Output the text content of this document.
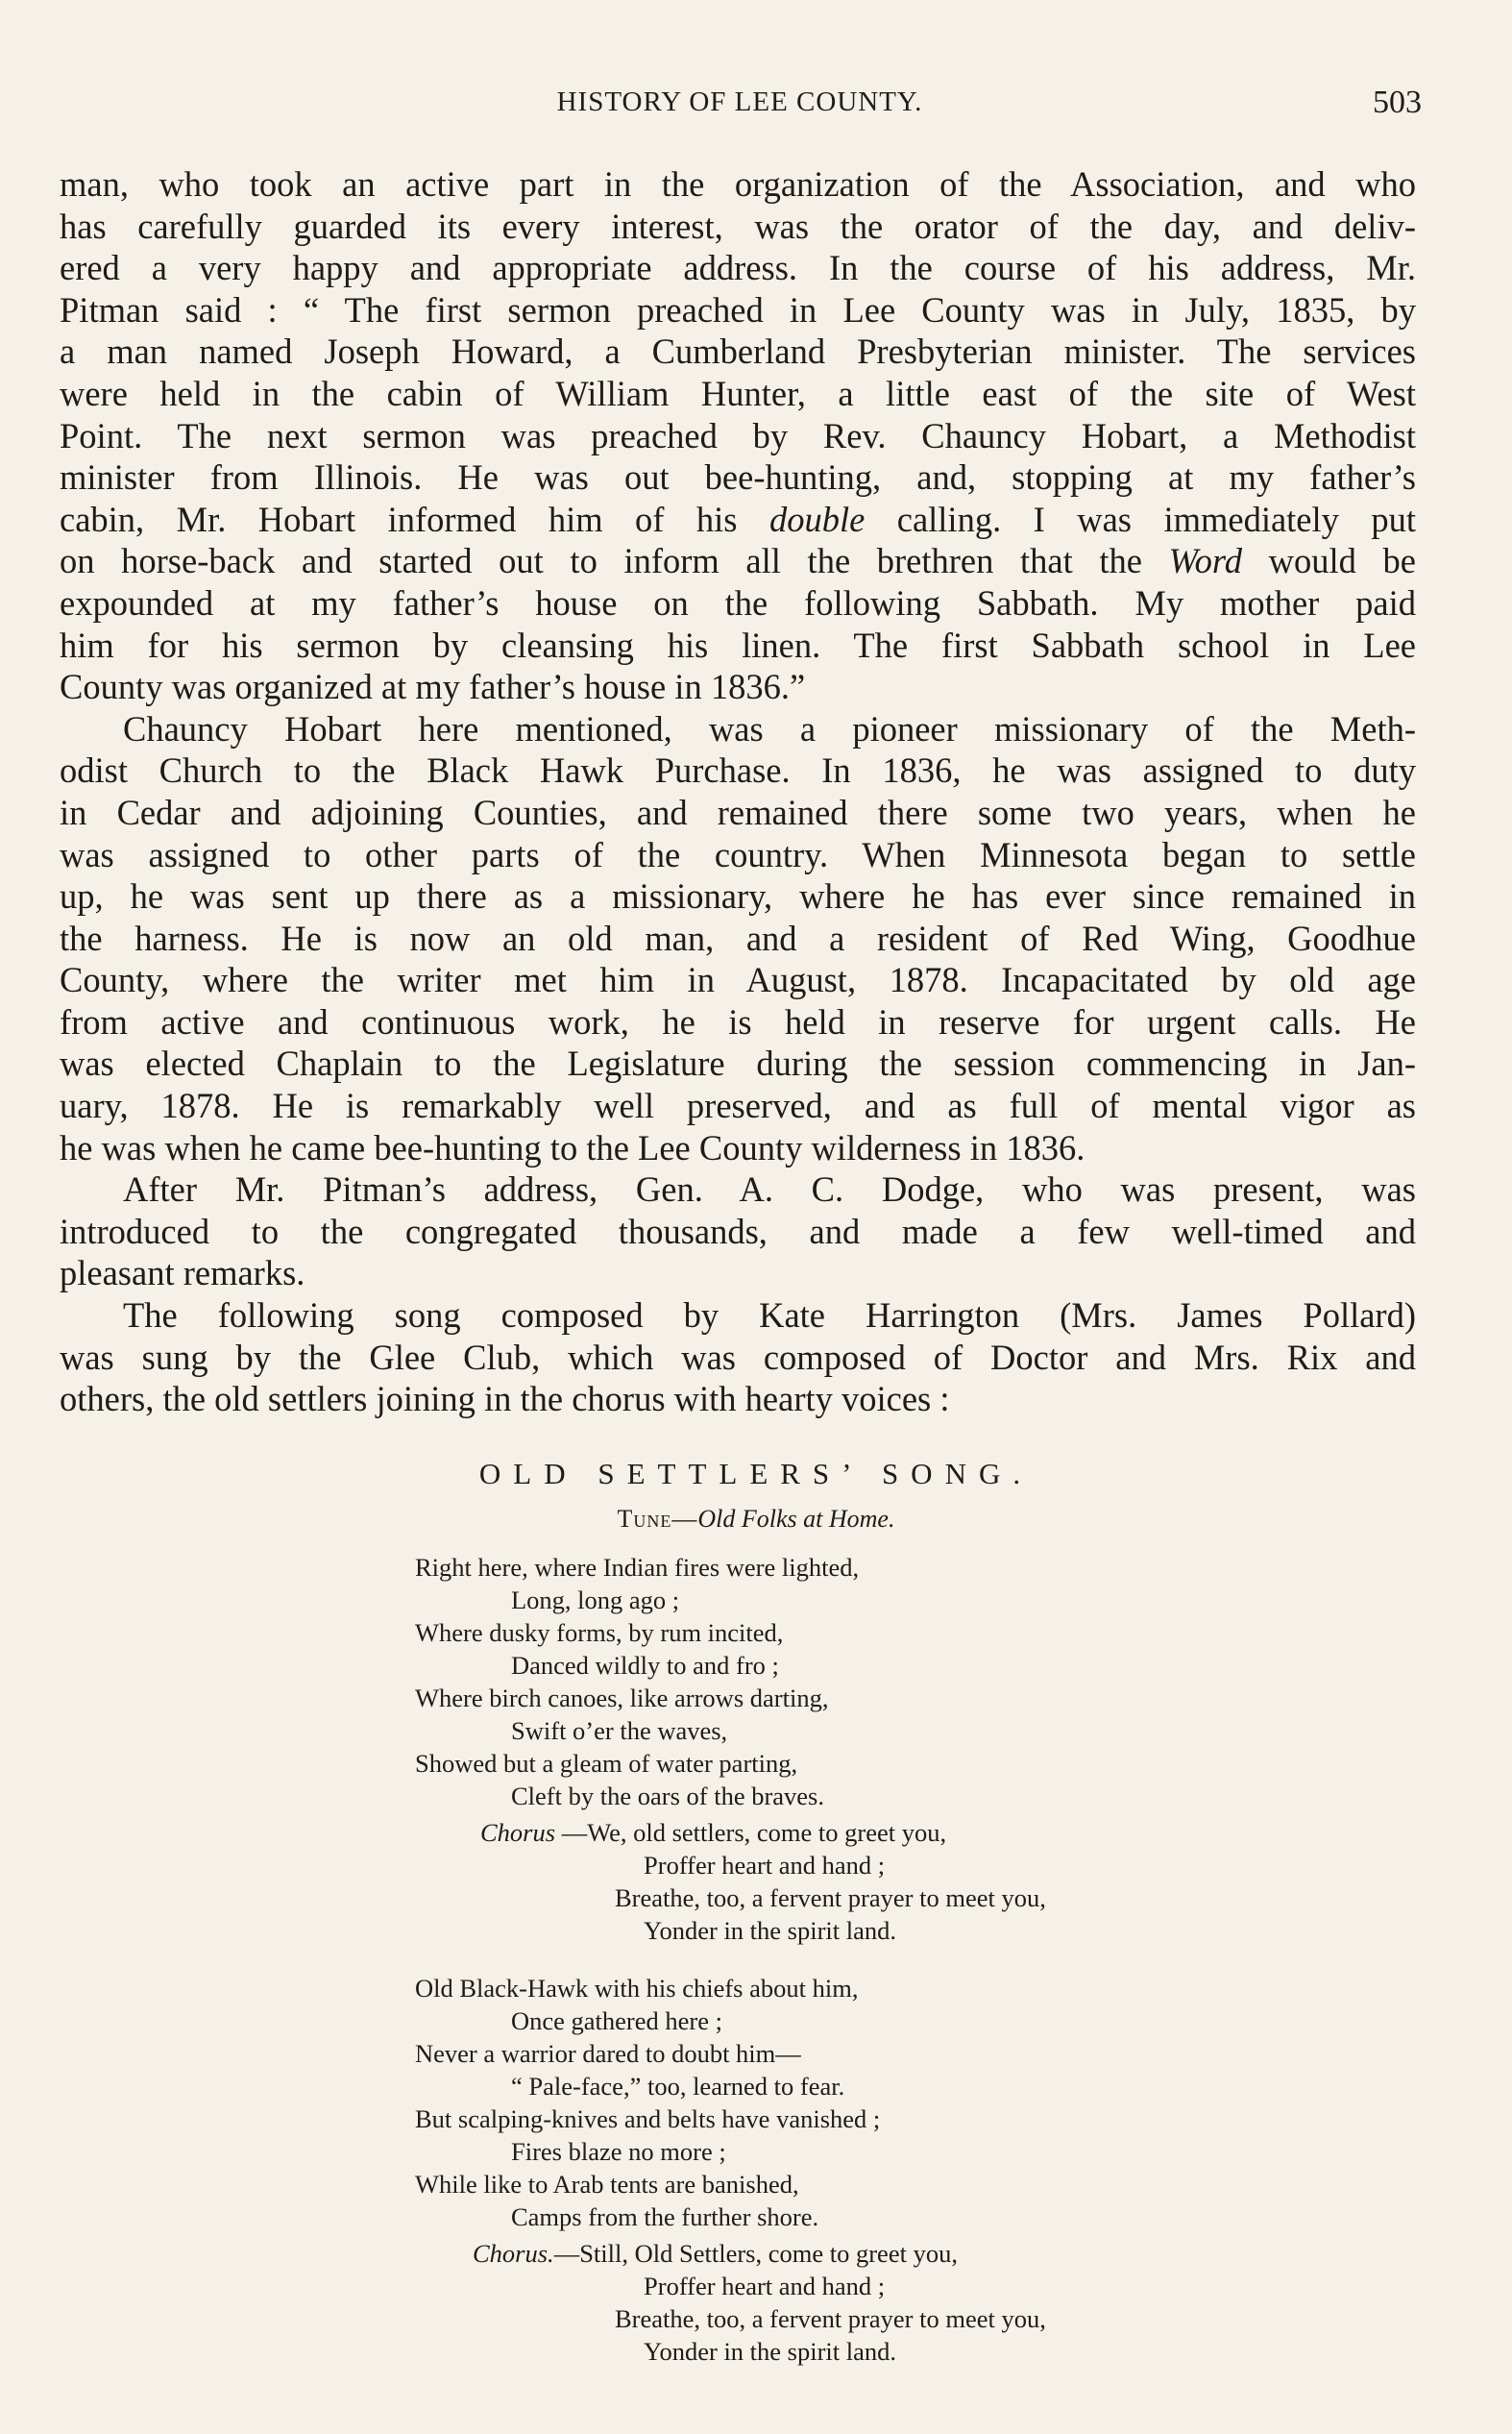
HISTORY OF LEE COUNTY.	503
man, who took an active part in the organization of the Association, and who
has carefully guarded its every interest, was the orator of the day, and deliv-
ered a very happy and appropriate address. In the course of his address, Mr.
Pitman said : “ The first sermon preached in Lee County was in July, 1835, by
a man named Joseph Howard, a Cumberland Presbyterian minister. The services
were held in the cabin of William Hunter, a little east of the site of West
Point. The next sermon was preached by Rev. Chauncy Hobart, a Methodist
minister from Illinois. He was out bee-hunting, and, stopping at my father’s
cabin, Mr. Hobart informed him of his double calling. I was immediately put
on horse-back and started out to inform all the brethren that the Word would be
expounded at my father’s house on the following Sabbath. My mother paid
him for his sermon by cleansing his linen. The first Sabbath school in Lee
County was organized at my father’s house in 1836.”
Chauncy Hobart here mentioned, was a pioneer missionary of the Meth-
odist Church to the Black Hawk Purchase. In 1836, he was assigned to duty
in Cedar and adjoining Counties, and remained there some two years, when he
was assigned to other parts of the country. When Minnesota began to settle
up, he was sent up there as a missionary, where he has ever since remained in
the harness. He is now an old man, and a resident of Red Wing, Goodhue
County, where the writer met him in August, 1878. Incapacitated by old age
from active and continuous work, he is held in reserve for urgent calls. He
was elected Chaplain to the Legislature during the session commencing in Jan-
uary, 1878. He is remarkably well preserved, and as full of mental vigor as
he was when he came bee-hunting to the Lee County wilderness in 1836.
After Mr. Pitman’s address, Gen. A. C. Dodge, who was present, was
introduced to the congregated thousands, and made a few well-timed and
pleasant remarks.
The following song composed by Kate Harrington (Mrs. James Pollard)
was sung by the Glee Club, which was composed of Doctor and Mrs. Rix and
others, the old settlers joining in the chorus with hearty voices :
OLD SETTLERS’ SONG.
Tune—Old Folks at Home.
Right here, where Indian fires were lighted,
Long, long ago ;
Where dusky forms, by rum incited,
Danced wildly to and fro ;
Where birch canoes, like arrows darting,
Swift o’er the waves,
Showed but a gleam of water parting,
Cleft by the oars of the braves.
Chorus —We, old settlers, come to greet you,
Proffer heart and hand ;
Breathe, too, a fervent prayer to meet you,
Yonder in the spirit land.
Old Black-Hawk with his chiefs about him,
Once gathered here ;
Never a warrior dared to doubt him—
“ Pale-face,” too, learned to fear.
But scalping-knives and belts have vanished ;
Fires blaze no more ;
While like to Arab tents are banished,
Camps from the further shore.
Chorus.—Still, Old Settlers, come to greet you,
Proffer heart and hand ;
Breathe, too, a fervent prayer to meet you,
Yonder in the spirit land.
